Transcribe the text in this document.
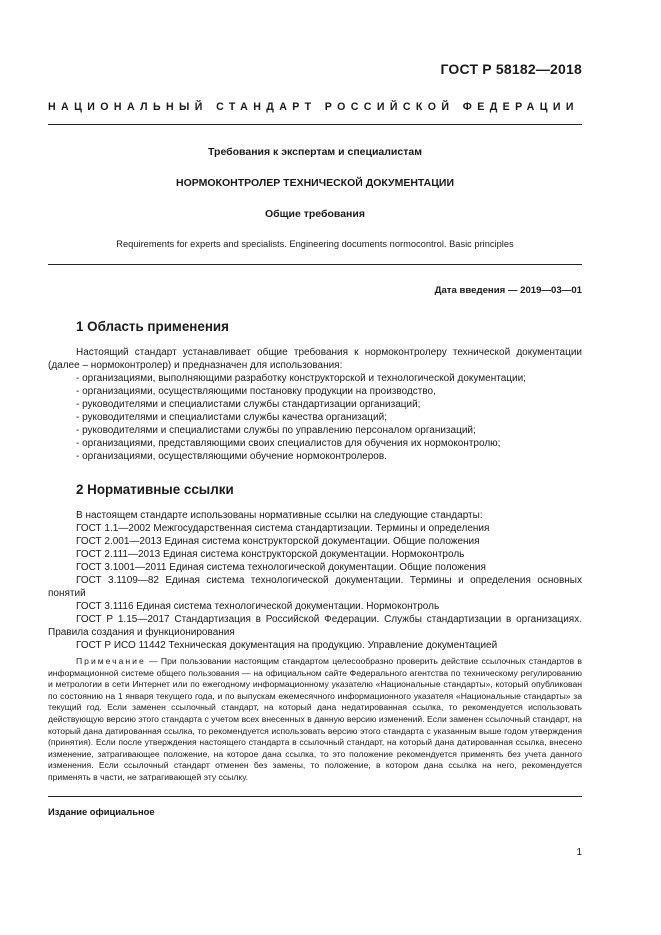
ГОСТ Р 58182—2018
НАЦИОНАЛЬНЫЙ СТАНДАРТ РОССИЙСКОЙ ФЕДЕРАЦИИ

Требования к экспертам и специалистам

НОРМОКОНТРОЛЕР ТЕХНИЧЕСКОЙ ДОКУМЕНТАЦИИ

Общие требования

Requirements for experts and specialists. Engineering documents normocontrol. Basic principles

Дата введения — 2019—03—01
1 Область применения

Настоящий стандарт устанавливает общие требования к нормоконтролеру технической документации (далее – нормоконтролер) и предназначен для использования:

- организациями, выполняющими разработку конструкторской и технологической документации;
- организациями, осуществляющими постановку продукции на производство,
- руководителями и специалистами службы стандартизации организаций;
- руководителями и специалистами службы качества организаций;
- руководителями и специалистами службы по управлению персоналом организаций;
- организациями, представляющими своих специалистов для обучения их нормоконтролю;
- организациями, осуществляющими обучение нормоконтролеров.
2 Нормативные ссылки

В настоящем стандарте использованы нормативные ссылки на следующие стандарты:

ГОСТ 1.1—2002 Межгосударственная система стандартизации. Термины и определения
ГОСТ 2.001—2013 Единая система конструкторской документации. Общие положения
ГОСТ 2.111—2013 Единая система конструкторской документации. Нормоконтроль
ГОСТ 3.1001—2011 Единая система технологической документации. Общие положения
ГОСТ 3.1109—82 Единая система технологической документации. Термины и определения основных понятий
ГОСТ 3.1116 Единая система технологической документации. Нормоконтроль
ГОСТ Р 1.15—2017 Стандартизация в Российской Федерации. Службы стандартизации в организациях. Правила создания и функционирования
ГОСТ Р ИСО 11442 Техническая документация на продукцию. Управление документацией

Примечание — При пользовании настоящим стандартом целесообразно проверить действие ссылочных стандартов в информационной системе общего пользования — на официальном сайте Федерального агентства по техническому регулированию и метрологии в сети Интернет или по ежегодному информационному указателю «Национальные стандарты», который опубликован по состоянию на 1 января текущего года, и по выпускам ежемесячного информационного указателя «Национальные стандарты» за текущий год. Если заменен ссылочный стандарт, на который дана недатированная ссылка, то рекомендуется использовать действующую версию этого стандарта с учетом всех внесенных в данную версию изменений. Если заменен ссылочный стандарт, на который дана датированная ссылка, то рекомендуется использовать версию этого стандарта с указанным выше годом утверждения (принятия). Если после утверждения настоящего стандарта в ссылочный стандарт, на который дана датированная ссылка, внесено изменение, затрагивающее положение, на которое дана ссылка, то это положение рекомендуется применять без учета данного изменения. Если ссылочный стандарт отменен без замены, то положение, в котором дана ссылка на него, рекомендуется применять в части, не затрагивающей эту ссылку.

Издание официальное
1
